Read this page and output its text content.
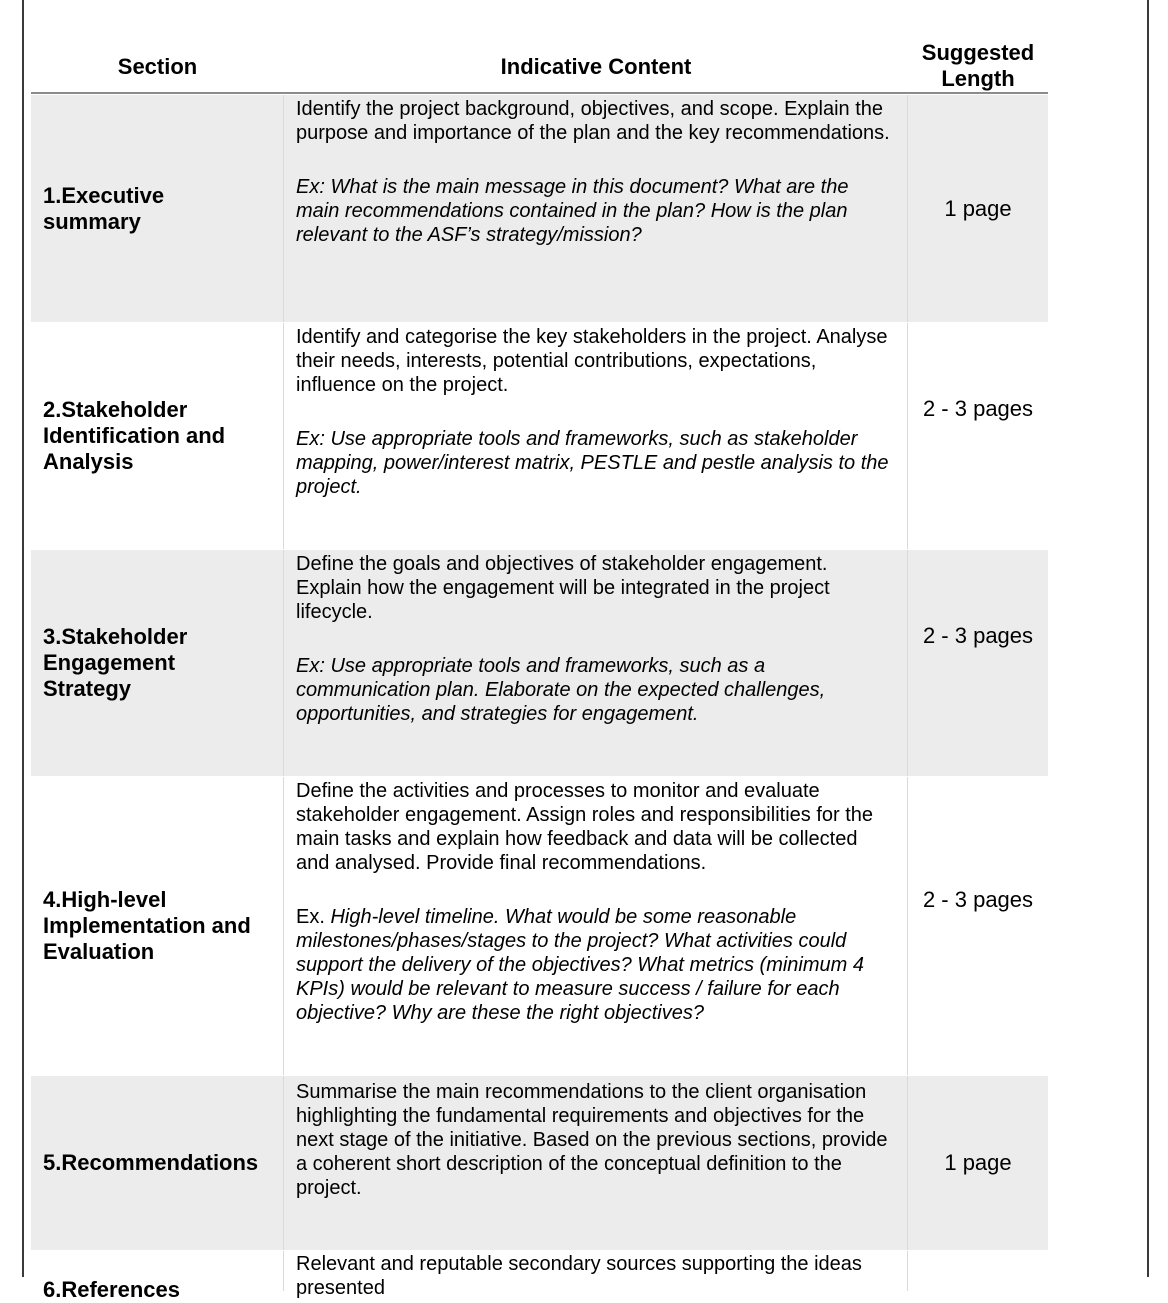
Section	Indicative Content
Suggested
Length
1.Executive summary

Identify the project background, objectives, and scope. Explain the purpose and importance of the plan and the key recommendations.

Ex: What is the main message in this document? What are the main recommendations contained in the plan? How is the plan relevant to the ASF’s strategy/mission?

1 page
2.Stakeholder Identification and Analysis

Identify and categorise the key stakeholders in the project. Analyse their needs, interests, potential contributions, expectations, influence on the project.

Ex: Use appropriate tools and frameworks, such as stakeholder mapping, power/interest matrix, PESTLE and pestle analysis to the project.

2 - 3 pages
3.Stakeholder Engagement Strategy

Define the goals and objectives of stakeholder engagement. Explain how the engagement will be integrated in the project lifecycle.

Ex: Use appropriate tools and frameworks, such as a communication plan. Elaborate on the expected challenges, opportunities, and strategies for engagement.

2 - 3 pages
4.High-level Implementation and Evaluation

Define the activities and processes to monitor and evaluate stakeholder engagement. Assign roles and responsibilities for the main tasks and explain how feedback and data will be collected and analysed. Provide final recommendations.

Ex. High-level timeline. What would be some reasonable milestones/phases/stages to the project? What activities could support the delivery of the objectives? What metrics (minimum 4 KPIs) would be relevant to measure success / failure for each objective? Why are these the right objectives?

2 - 3 pages
5.Recommendations

Summarise the main recommendations to the client organisation highlighting the fundamental requirements and objectives for the next stage of the initiative. Based on the previous sections, provide a coherent short description of the conceptual definition to the project.

1 page
6.References

Relevant and reputable secondary sources supporting the ideas presented
